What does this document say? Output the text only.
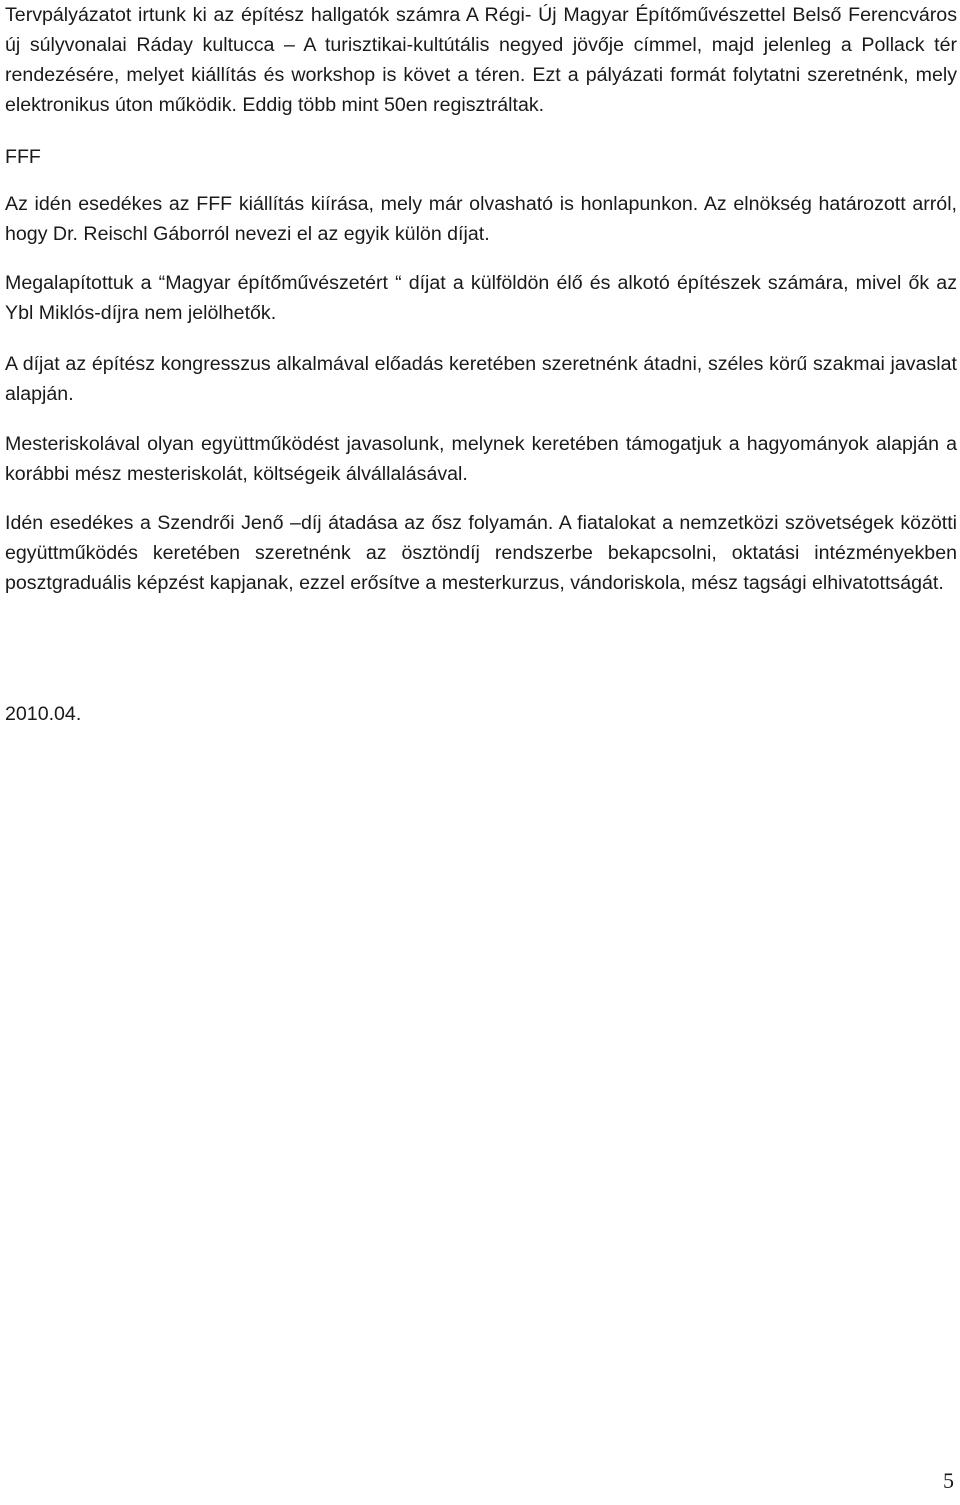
Tervpályázatot irtunk ki az építész hallgatók számra A Régi- Új Magyar Építőművészettel Belső Ferencváros új súlyvonalai Ráday kultucca – A turisztikai-kultútális negyed jövője címmel, majd jelenleg a Pollack tér rendezésére, melyet kiállítás és workshop is követ a téren. Ezt a pályázati formát folytatni szeretnénk, mely elektronikus úton működik. Eddig több mint 50en regisztráltak.

FFF

Az idén esedékes az FFF kiállítás kiírása, mely már olvasható is honlapunkon. Az elnökség határozott arról, hogy Dr. Reischl Gáborról nevezi el az egyik külön díjat.

Megalapítottuk a “Magyar építőművészetért “ díjat a külföldön élő és alkotó építészek számára, mivel ők az Ybl Miklós-díjra nem jelölhetők.

A díjat az építész kongresszus alkalmával előadás keretében szeretnénk átadni, széles körű szakmai javaslat alapján.

Mesteriskolával olyan együttműködést javasolunk, melynek keretében támogatjuk a hagyományok alapján a korábbi mész mesteriskolát, költségeik álvállalásával.

Idén esedékes a Szendrői Jenő –díj átadása az ősz folyamán. A fiatalokat a nemzetközi szövetségek közötti együttműködés keretében szeretnénk az ösztöndíj rendszerbe bekapcsolni, oktatási intézményekben posztgraduális képzést kapjanak, ezzel erősítve a mesterkurzus, vándoriskola, mész tagsági elhivatottságát.

2010.04.

5
